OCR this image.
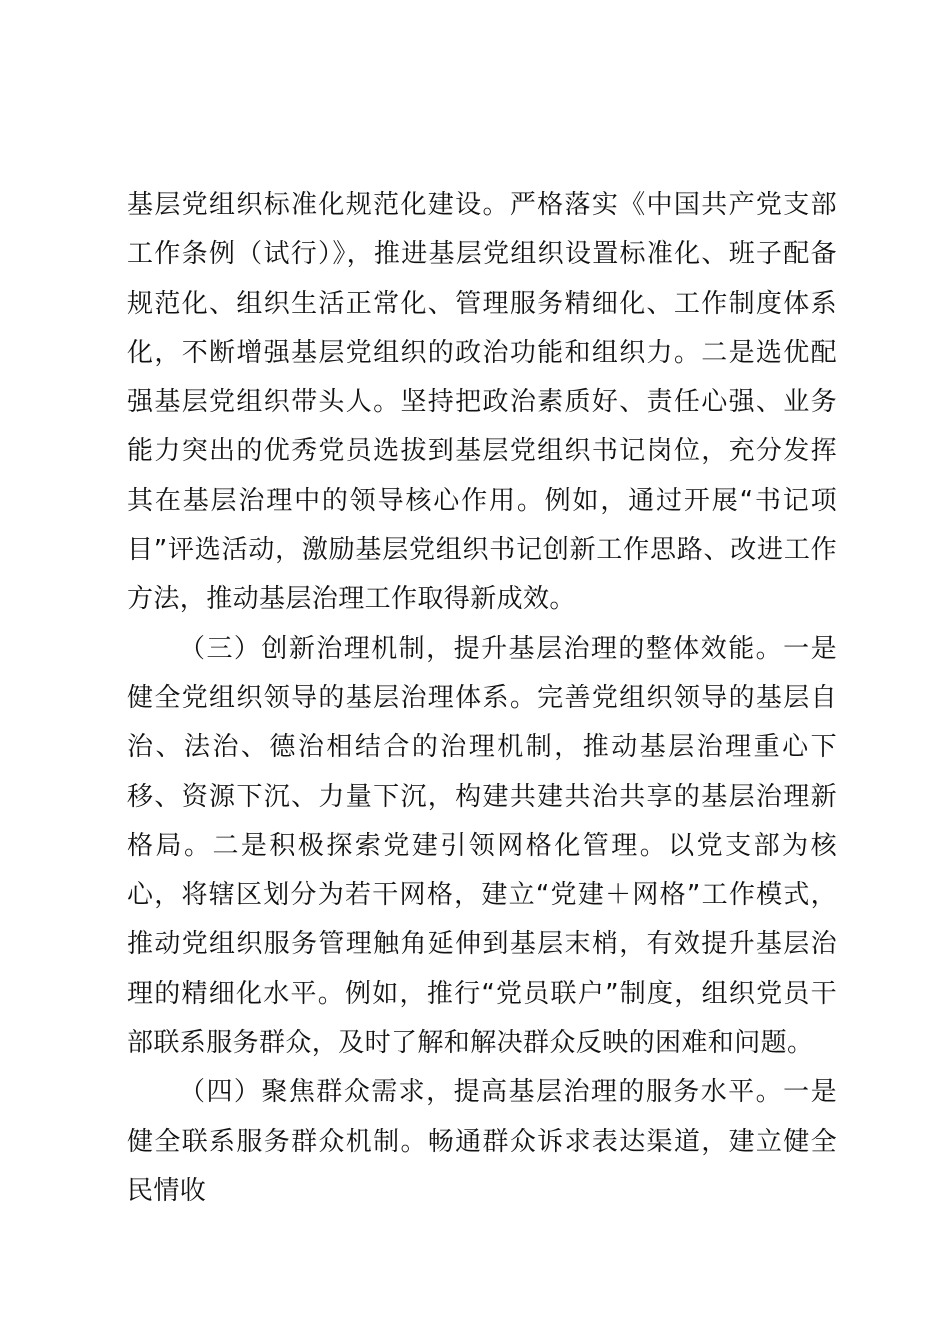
基层党组织标准化规范化建设。严格落实《中国共产党支部工作条例（试行）》，推进基层党组织设置标准化、班子配备规范化、组织生活正常化、管理服务精细化、工作制度体系化，不断增强基层党组织的政治功能和组织力。二是选优配强基层党组织带头人。坚持把政治素质好、责任心强、业务能力突出的优秀党员选拔到基层党组织书记岗位，充分发挥其在基层治理中的领导核心作用。例如，通过开展“书记项目”评选活动，激励基层党组织书记创新工作思路、改进工作方法，推动基层治理工作取得新成效。

（三）创新治理机制，提升基层治理的整体效能。一是健全党组织领导的基层治理体系。完善党组织领导的基层自治、法治、德治相结合的治理机制，推动基层治理重心下移、资源下沉、力量下沉，构建共建共治共享的基层治理新格局。二是积极探索党建引领网格化管理。以党支部为核心，将辖区划分为若干网格，建立“党建＋网格”工作模式，推动党组织服务管理触角延伸到基层末梢，有效提升基层治理的精细化水平。例如，推行“党员联户”制度，组织党员干部联系服务群众，及时了解和解决群众反映的困难和问题。

（四）聚焦群众需求，提高基层治理的服务水平。一是健全联系服务群众机制。畅通群众诉求表达渠道，建立健全民情收
